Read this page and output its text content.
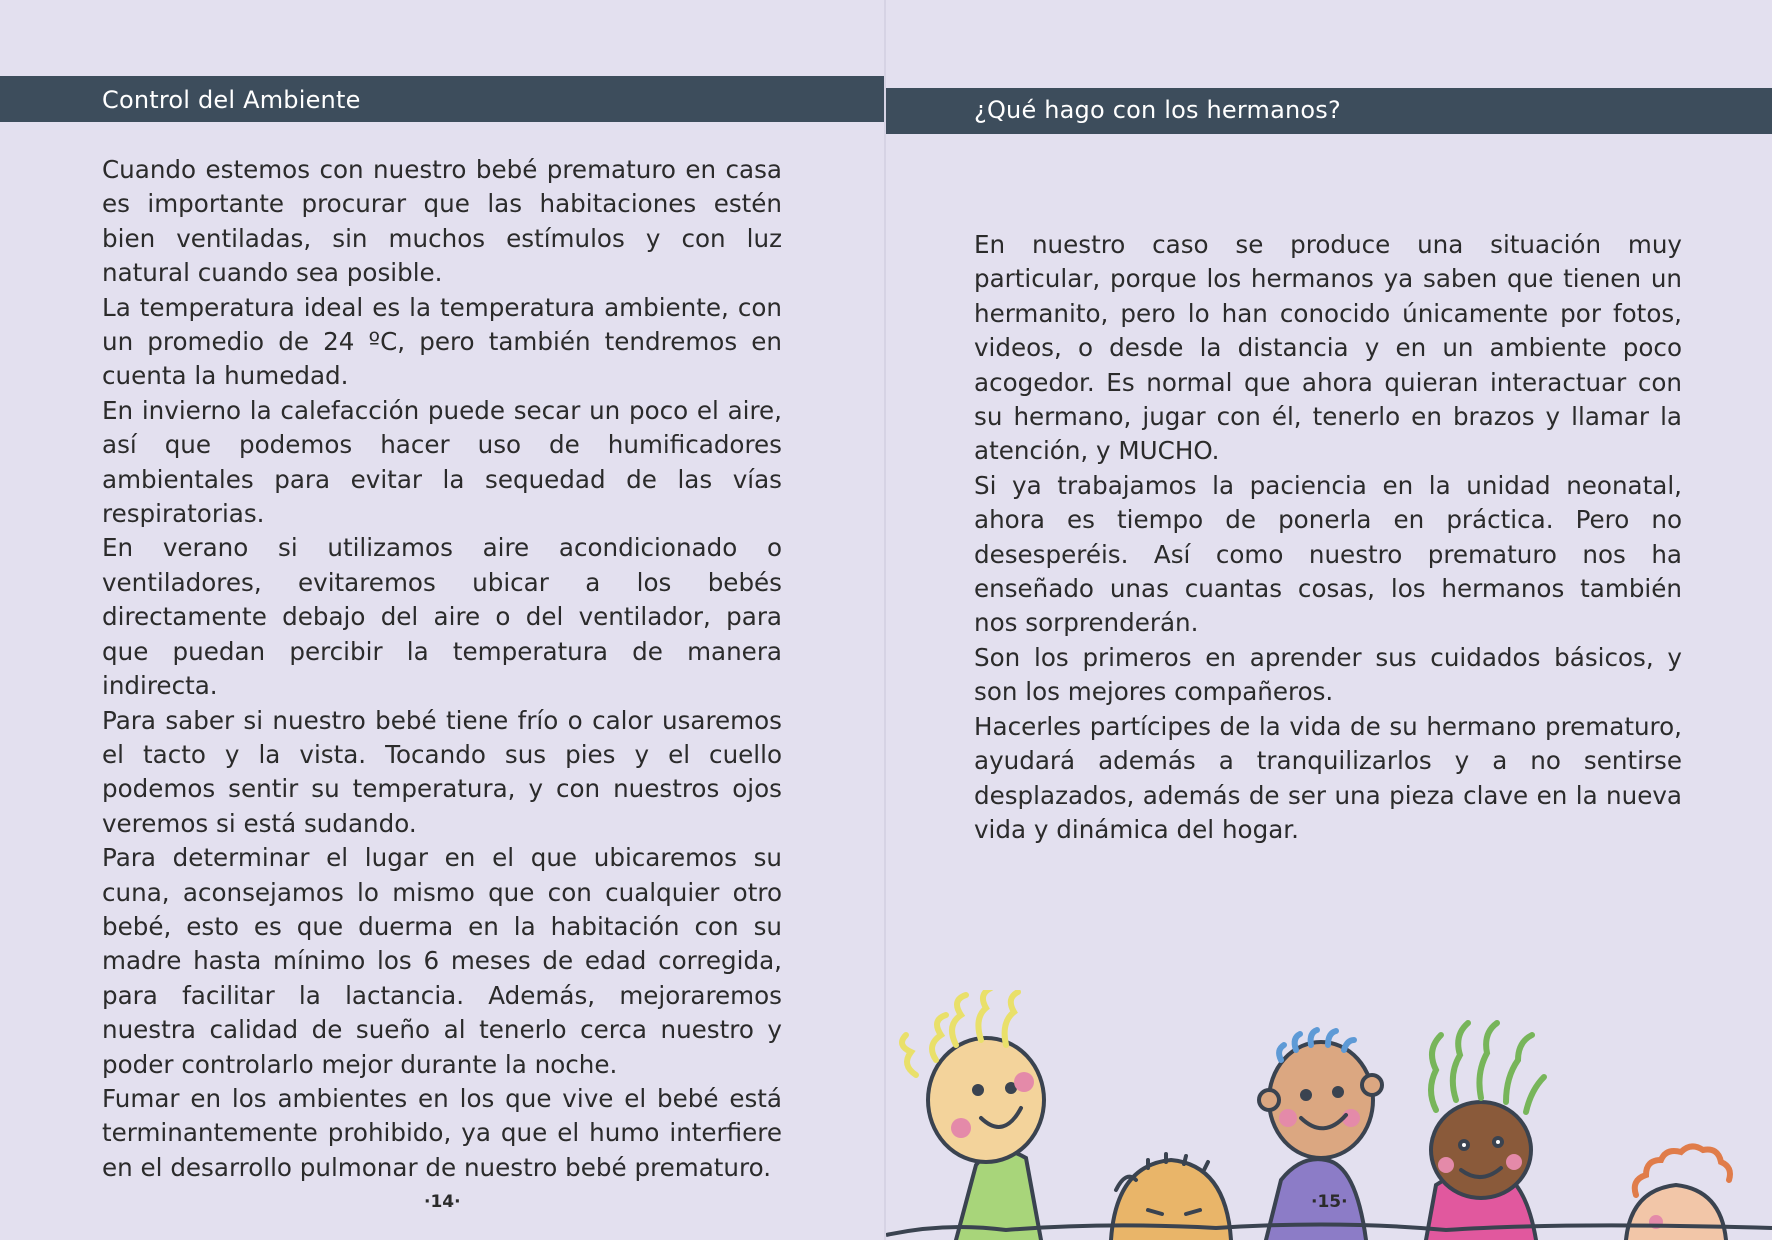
Control del Ambiente

Cuando estemos con nuestro bebé prematuro en casa es importante procurar que las habitaciones estén bien ventiladas, sin muchos estímulos y con luz natural cuando sea posible.

La temperatura ideal es la temperatura ambiente, con un promedio de 24 ºC, pero también tendremos en cuenta la humedad.

En invierno la calefacción puede secar un poco el aire, así que podemos hacer uso de humificadores ambientales para evitar la sequedad de las vías respiratorias.

En verano si utilizamos aire acondicionado o ventiladores, evitaremos ubicar a los bebés directamente debajo del aire o del ventilador, para que puedan percibir la temperatura de manera indirecta.

Para saber si nuestro bebé tiene frío o calor usaremos el tacto y la vista. Tocando sus pies y el cuello podemos sentir su temperatura, y con nuestros ojos veremos si está sudando.

Para determinar el lugar en el que ubicaremos su cuna, aconsejamos lo mismo que con cualquier otro bebé, esto es que duerma en la habitación con su madre hasta mínimo los 6 meses de edad corregida, para facilitar la lactancia. Además, mejoraremos nuestra calidad de sueño al tenerlo cerca nuestro y poder controlarlo mejor durante la noche.

Fumar en los ambientes en los que vive el bebé está terminantemente prohibido, ya que el humo interfiere en el desarrollo pulmonar de nuestro bebé prematuro.

·14·
¿Qué hago con los hermanos?

En nuestro caso se produce una situación muy particular, porque los hermanos ya saben que tienen un hermanito, pero lo han conocido únicamente por fotos, videos, o desde la distancia y en un ambiente poco acogedor. Es normal que ahora quieran interactuar con su hermano, jugar con él, tenerlo en brazos y llamar la atención, y MUCHO.

Si ya trabajamos la paciencia en la unidad neonatal, ahora es tiempo de ponerla en práctica. Pero no desesperéis. Así como nuestro prematuro nos ha enseñado unas cuantas cosas, los hermanos también nos sorprenderán.

Son los primeros en aprender sus cuidados básicos, y son los mejores compañeros.

Hacerles partícipes de la vida de su hermano prematuro, ayudará además a tranquilizarlos y a no sentirse desplazados, además de ser una pieza clave en la nueva vida y dinámica del hogar.

·15·
